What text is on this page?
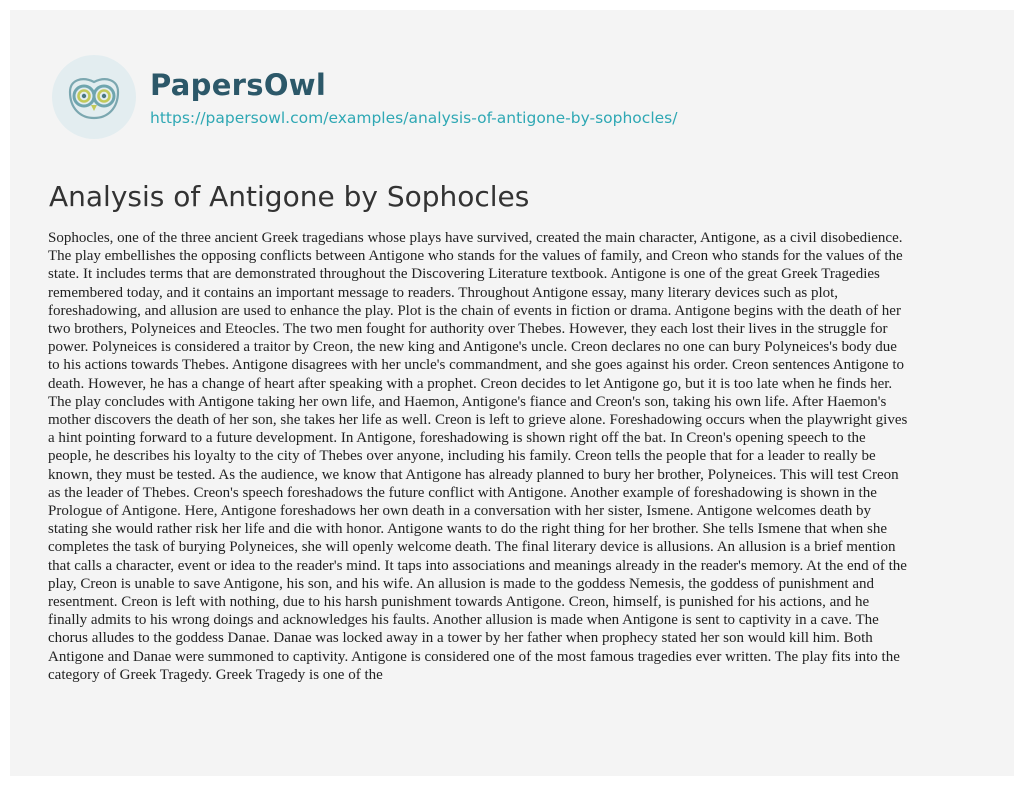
PapersOwl
https://papersowl.com/examples/analysis-of-antigone-by-sophocles/
Analysis of Antigone by Sophocles

Sophocles, one of the three ancient Greek tragedians whose plays have survived, created the main character, Antigone, as a civil disobedience.
The play embellishes the opposing conflicts between Antigone who stands for the values of family, and Creon who stands for the values of the
state. It includes terms that are demonstrated throughout the Discovering Literature textbook. Antigone is one of the great Greek Tragedies
remembered today, and it contains an important message to readers. Throughout Antigone essay, many literary devices such as plot,
foreshadowing, and allusion are used to enhance the play. Plot is the chain of events in fiction or drama. Antigone begins with the death of her
two brothers, Polyneices and Eteocles. The two men fought for authority over Thebes. However, they each lost their lives in the struggle for
power. Polyneices is considered a traitor by Creon, the new king and Antigone's uncle. Creon declares no one can bury Polyneices's body due
to his actions towards Thebes. Antigone disagrees with her uncle's commandment, and she goes against his order. Creon sentences Antigone to
death. However, he has a change of heart after speaking with a prophet. Creon decides to let Antigone go, but it is too late when he finds her.
The play concludes with Antigone taking her own life, and Haemon, Antigone's fiance and Creon's son, taking his own life. After Haemon's
mother discovers the death of her son, she takes her life as well. Creon is left to grieve alone. Foreshadowing occurs when the playwright gives
a hint pointing forward to a future development. In Antigone, foreshadowing is shown right off the bat. In Creon's opening speech to the
people, he describes his loyalty to the city of Thebes over anyone, including his family. Creon tells the people that for a leader to really be
known, they must be tested. As the audience, we know that Antigone has already planned to bury her brother, Polyneices. This will test Creon
as the leader of Thebes. Creon's speech foreshadows the future conflict with Antigone. Another example of foreshadowing is shown in the
Prologue of Antigone. Here, Antigone foreshadows her own death in a conversation with her sister, Ismene. Antigone welcomes death by
stating she would rather risk her life and die with honor. Antigone wants to do the right thing for her brother. She tells Ismene that when she
completes the task of burying Polyneices, she will openly welcome death. The final literary device is allusions. An allusion is a brief mention
that calls a character, event or idea to the reader's mind. It taps into associations and meanings already in the reader's memory. At the end of the
play, Creon is unable to save Antigone, his son, and his wife. An allusion is made to the goddess Nemesis, the goddess of punishment and
resentment. Creon is left with nothing, due to his harsh punishment towards Antigone. Creon, himself, is punished for his actions, and he
finally admits to his wrong doings and acknowledges his faults. Another allusion is made when Antigone is sent to captivity in a cave. The
chorus alludes to the goddess Danae. Danae was locked away in a tower by her father when prophecy stated her son would kill him. Both
Antigone and Danae were summoned to captivity. Antigone is considered one of the most famous tragedies ever written. The play fits into the
category of Greek Tragedy. Greek Tragedy is one of the
